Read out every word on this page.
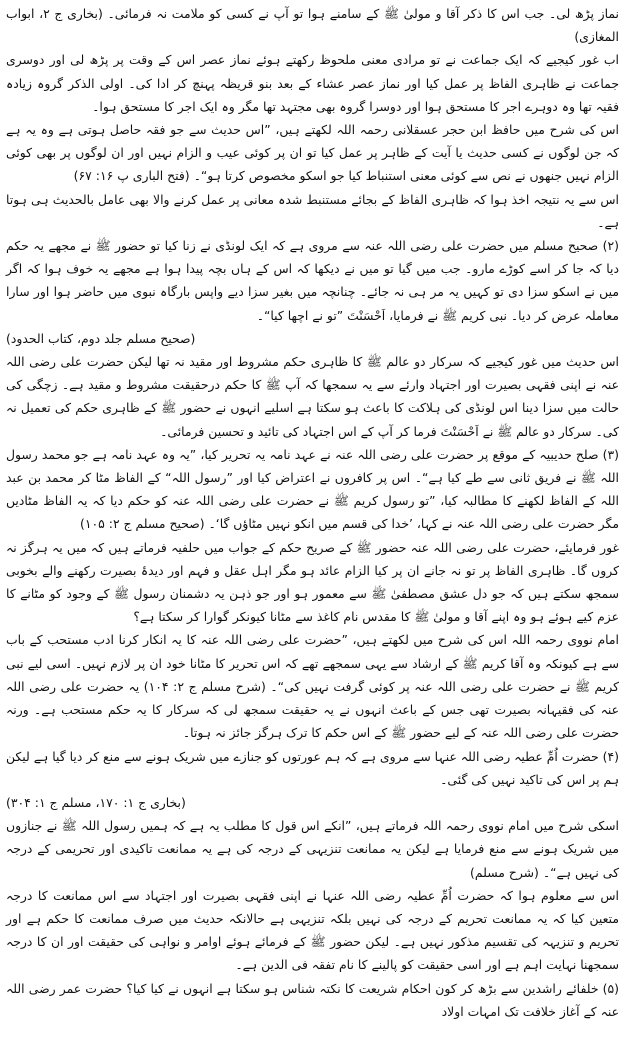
نماز پڑھ لی۔ جب اس کا ذکر آقا و مولیٰ ﷺ کے سامنے ہوا تو آپ نے کسی کو ملامت نہ فرمائی۔ (بخاری ج ۲، ابواب المغازی)

اب غور کیجیے کہ ایک جماعت نے تو مرادی معنی ملحوظ رکھتے ہوئے نماز عصر اس کے وقت پر پڑھ لی اور دوسری جماعت نے ظاہری الفاظ پر عمل کیا اور نماز عصر عشاء کے بعد بنو قریظہ پہنچ کر ادا کی۔ اولی الذکر گروہ زیادہ فقیہ تھا وہ دوہرے اجر کا مستحق ہوا اور دوسرا گروہ بھی مجتہد تھا مگر وہ ایک اجر کا مستحق ہوا۔

اس کی شرح میں حافظ ابن حجر عسقلانی رحمہ اللہ لکھتے ہیں، ”اس حدیث سے جو فقہ حاصل ہوتی ہے وہ یہ ہے کہ جن لوگوں نے کسی حدیث یا آیت کے ظاہر پر عمل کیا تو ان پر کوئی عیب و الزام نہیں اور ان لوگوں پر بھی کوئی الزام نہیں جنھوں نے نص سے کوئی معنی استنباط کیا جو اسکو مخصوص کرتا ہو“۔ (فتح الباری پ ۱۶: ۶۷)

اس سے یہ نتیجہ اخذ ہوا کہ ظاہری الفاظ کے بجائے مستنبط شدہ معانی پر عمل کرنے والا بھی عامل بالحدیث ہی ہوتا ہے۔

(۲) صحیح مسلم میں حضرت علی رضی اللہ عنہ سے مروی ہے کہ ایک لونڈی نے زنا کیا تو حضور ﷺ نے مجھے یہ حکم دیا کہ جا کر اسے کوڑے مارو۔ جب میں گیا تو میں نے دیکھا کہ اس کے ہاں بچہ پیدا ہوا ہے مجھے یہ خوف ہوا کہ اگر میں نے اسکو سزا دی تو کہیں یہ مر ہی نہ جائے۔ چنانچہ میں بغیر سزا دیے واپس بارگاہ نبوی میں حاضر ہوا اور سارا معاملہ عرض کر دیا۔ نبی کریم ﷺ نے فرمایا، اَحْسَنْتَ ”تو نے اچھا کیا“۔

(صحیح مسلم جلد دوم، کتاب الحدود)

اس حدیث میں غور کیجیے کہ سرکار دو عالم ﷺ کا ظاہری حکم مشروط اور مقید نہ تھا لیکن حضرت علی رضی اللہ عنہ نے اپنی فقہی بصیرت اور اجتہاد وارئے سے یہ سمجھا کہ آپ ﷺ کا حکم درحقیقت مشروط و مقید ہے۔ زچگی کی حالت میں سزا دینا اس لونڈی کی ہلاکت کا باعث ہو سکتا ہے اسلیے انہوں نے حضور ﷺ کے ظاہری حکم کی تعمیل نہ کی۔ سرکار دو عالم ﷺ نے اَحْسَنْتَ فرما کر آپ کے اس اجتہاد کی تائید و تحسین فرمائی۔

(۳) صلح حدیبیہ کے موقع پر حضرت علی رضی اللہ عنہ نے عہد نامہ یہ تحریر کیا، ”یہ وہ عہد نامہ ہے جو محمد رسول اللہ ﷺ نے فریق ثانی سے طے کیا ہے“۔ اس پر کافروں نے اعتراض کیا اور ”رسول اللہ“ کے الفاظ مٹا کر محمد بن عبد اللہ کے الفاظ لکھنے کا مطالبہ کیا، ”تو رسول کریم ﷺ نے حضرت علی رضی اللہ عنہ کو حکم دیا کہ یہ الفاظ مٹادیں مگر حضرت علی رضی اللہ عنہ نے کہا، ’خدا کی قسم میں انکو نہیں مٹاؤں گا‘۔ (صحیح مسلم ج ۲: ۱۰۵)

غور فرمایئے، حضرت علی رضی اللہ عنہ حضور ﷺ کے صریح حکم کے جواب میں حلفیہ فرماتے ہیں کہ میں یہ ہرگز نہ کروں گا۔ ظاہری الفاظ پر تو نہ جانے ان پر کیا الزام عائد ہو مگر اہل عقل و فہم اور دیدۂ بصیرت رکھنے والے بخوبی سمجھ سکتے ہیں کہ جو دل عشق مصطفیٰ ﷺ سے معمور ہو اور جو ذہن یہ دشمنان رسول ﷺ کے وجود کو مٹانے کا عزم کیے ہوئے ہو وہ اپنے آقا و مولیٰ ﷺ کا مقدس نام کاغذ سے مٹانا کیونکر گوارا کر سکتا ہے؟

امام نووی رحمہ اللہ اس کی شرح میں لکھتے ہیں، ”حضرت علی رضی اللہ عنہ کا یہ انکار کرنا ادب مستحب کے باب سے ہے کیونکہ وہ آقا کریم ﷺ کے ارشاد سے یہی سمجھے تھے کہ اس تحریر کا مٹانا خود ان پر لازم نہیں۔ اسی لیے نبی کریم ﷺ نے حضرت علی رضی اللہ عنہ پر کوئی گرفت نہیں کی“۔ (شرح مسلم ج ۲: ۱۰۴) یہ حضرت علی رضی اللہ عنہ کی فقیہانہ بصیرت تھی جس کے باعث انہوں نے یہ حقیقت سمجھ لی کہ سرکار کا یہ حکم مستحب ہے۔ ورنہ حضرت علی رضی اللہ عنہ کے لیے حضور ﷺ کے اس حکم کا ترک ہرگز جائز نہ ہوتا۔

(۴) حضرت اُمِّ عطیہ رضی اللہ عنہا سے مروی ہے کہ ہم عورتوں کو جنازے میں شریک ہونے سے منع کر دیا گیا ہے لیکن ہم پر اس کی تاکید نہیں کی گئی۔

(بخاری ج ۱: ۱۷۰، مسلم ج ۱: ۳۰۴)

اسکی شرح میں امام نووی رحمہ اللہ فرماتے ہیں، ”انکے اس قول کا مطلب یہ ہے کہ ہمیں رسول اللہ ﷺ نے جنازوں میں شریک ہونے سے منع فرمایا ہے لیکن یہ ممانعت تنزیہی کے درجہ کی ہے یہ ممانعت تاکیدی اور تحریمی کے درجہ کی نہیں ہے“۔ (شرح مسلم)

اس سے معلوم ہوا کہ حضرت اُمِّ عطیہ رضی اللہ عنہا نے اپنی فقہی بصیرت اور اجتہاد سے اس ممانعت کا درجہ متعین کیا کہ یہ ممانعت تحریم کے درجہ کی نہیں بلکہ تنزیہی ہے حالانکہ حدیث میں صرف ممانعت کا حکم ہے اور تحریم و تنزیہہ کی تقسیم مذکور نہیں ہے۔ لیکن حضور ﷺ کے فرمائے ہوئے اوامر و نواہی کی حقیقت اور ان کا درجہ سمجھنا نہایت اہم ہے اور اسی حقیقت کو پالینے کا نام تفقہ فی الدین ہے۔

(۵) خلفائے راشدین سے بڑھ کر کون احکام شریعت کا نکتہ شناس ہو سکتا ہے انہوں نے کیا کیا؟ حضرت عمر رضی اللہ عنہ کے آغاز خلافت تک امہات اولاد
